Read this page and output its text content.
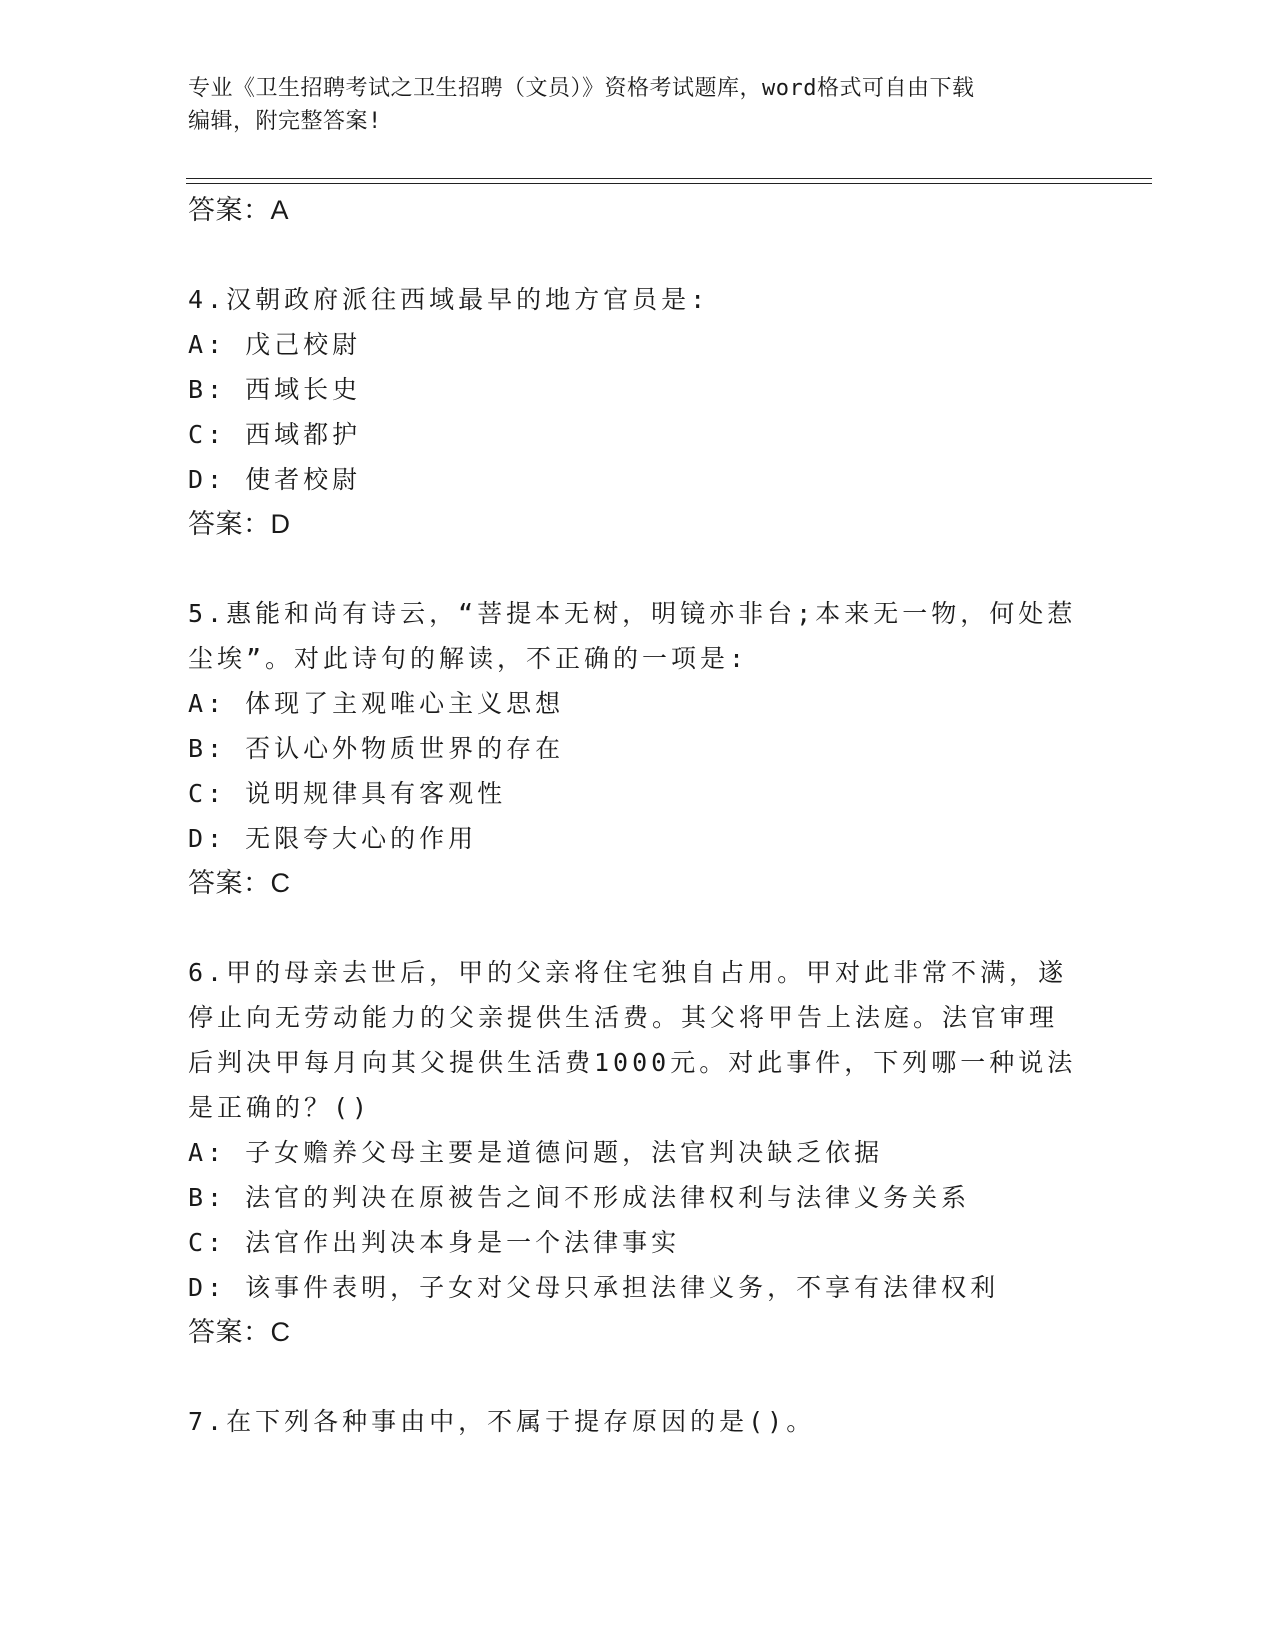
专业《卫生招聘考试之卫生招聘（文员）》资格考试题库，word格式可自由下载
编辑，附完整答案!
答案：A
4.汉朝政府派往西域最早的地方官员是:
A: 戊己校尉
B: 西域长史
C: 西域都护
D: 使者校尉
答案：D
5.惠能和尚有诗云，“菩提本无树，明镜亦非台;本来无一物，何处惹
尘埃”。对此诗句的解读，不正确的一项是:
A: 体现了主观唯心主义思想
B: 否认心外物质世界的存在
C: 说明规律具有客观性
D: 无限夸大心的作用
答案：C
6.甲的母亲去世后，甲的父亲将住宅独自占用。甲对此非常不满，遂
停止向无劳动能力的父亲提供生活费。其父将甲告上法庭。法官审理
后判决甲每月向其父提供生活费1000元。对此事件，下列哪一种说法
是正确的？()
A: 子女赡养父母主要是道德问题，法官判决缺乏依据
B: 法官的判决在原被告之间不形成法律权利与法律义务关系
C: 法官作出判决本身是一个法律事实
D: 该事件表明，子女对父母只承担法律义务，不享有法律权利
答案：C
7.在下列各种事由中，不属于提存原因的是()。
